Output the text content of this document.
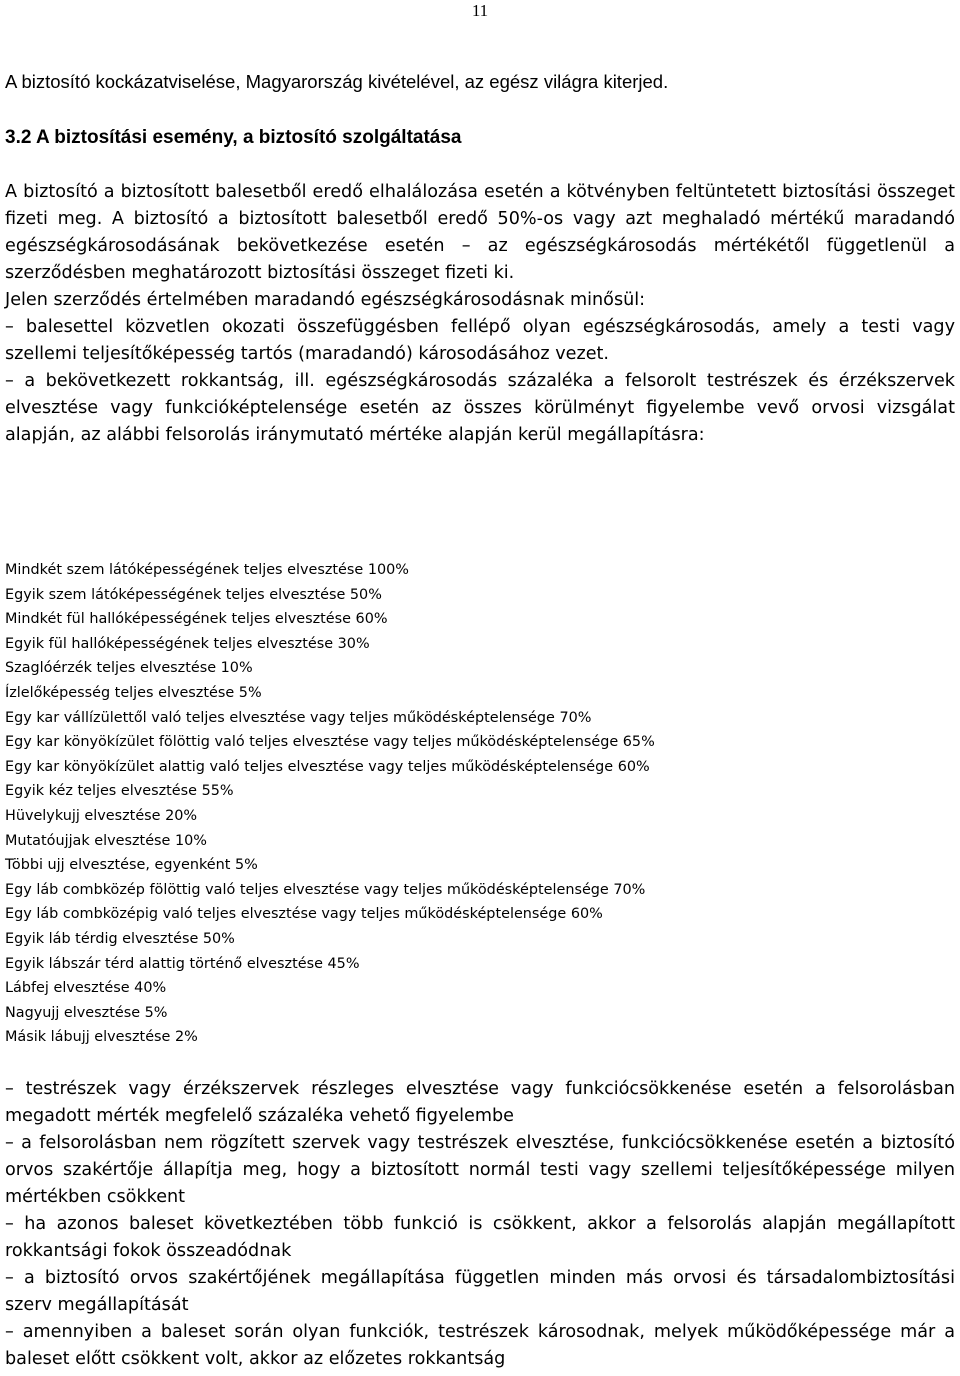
11
A biztosító kockázatviselése, Magyarország kivételével, az egész világra kiterjed.
3.2 A biztosítási esemény, a biztosító szolgáltatása

A biztosító a biztosított balesetből eredő elhalálozása esetén a kötvényben feltüntetett biztosítási összeget fizeti meg. A biztosító a biztosított balesetből eredő 50%-os vagy azt meghaladó mértékű maradandó egészségkárosodásának bekövetkezése esetén – az egészségkárosodás mértékétől függetlenül a szerződésben meghatározott biztosítási összeget fizeti ki.

Jelen szerződés értelmében maradandó egészségkárosodásnak minősül:

– balesettel közvetlen okozati összefüggésben fellépő olyan egészségkárosodás, amely a testi vagy szellemi teljesítőképesség tartós (maradandó) károsodásához vezet.

– a bekövetkezett rokkantság, ill. egészségkárosodás százaléka a felsorolt testrészek és érzékszervek elvesztése vagy funkcióképtelensége esetén az összes körülményt figyelembe vevő orvosi vizsgálat alapján, az alábbi felsorolás iránymutató mértéke alapján kerül megállapításra:

Mindkét szem látóképességének teljes elvesztése 100%
Egyik szem látóképességének teljes elvesztése 50%
Mindkét fül hallóképességének teljes elvesztése 60%
Egyik fül hallóképességének teljes elvesztése 30%
Szaglóérzék teljes elvesztése 10%
Ízlelőképesség teljes elvesztése 5%
Egy kar vállízülettől való teljes elvesztése vagy teljes működésképtelensége 70%
Egy kar könyökízület fölöttig való teljes elvesztése vagy teljes működésképtelensége 65%
Egy kar könyökízület alattig való teljes elvesztése vagy teljes működésképtelensége 60%
Egyik kéz teljes elvesztése 55%
Hüvelykujj elvesztése 20%
Mutatóujjak elvesztése 10%
Többi ujj elvesztése, egyenként 5%
Egy láb combközép fölöttig való teljes elvesztése vagy teljes működésképtelensége 70%
Egy láb combközépig való teljes elvesztése vagy teljes működésképtelensége 60%
Egyik láb térdig elvesztése 50%
Egyik lábszár térd alattig történő elvesztése 45%
Lábfej elvesztése 40%
Nagyujj elvesztése 5%
Másik lábujj elvesztése 2%

– testrészek vagy érzékszervek részleges elvesztése vagy funkciócsökkenése esetén a felsorolásban megadott mérték megfelelő százaléka vehető figyelembe

– a felsorolásban nem rögzített szervek vagy testrészek elvesztése, funkciócsökkenése esetén a biztosító orvos szakértője állapítja meg, hogy a biztosított normál testi vagy szellemi teljesítőképessége milyen mértékben csökkent

– ha azonos baleset következtében több funkció is csökkent, akkor a felsorolás alapján megállapított rokkantsági fokok összeadódnak

– a biztosító orvos szakértőjének megállapítása független minden más orvosi és társadalombiztosítási szerv megállapítását

– amennyiben a baleset során olyan funkciók, testrészek károsodnak, melyek működőképessége már a baleset előtt csökkent volt, akkor az előzetes rokkantság
